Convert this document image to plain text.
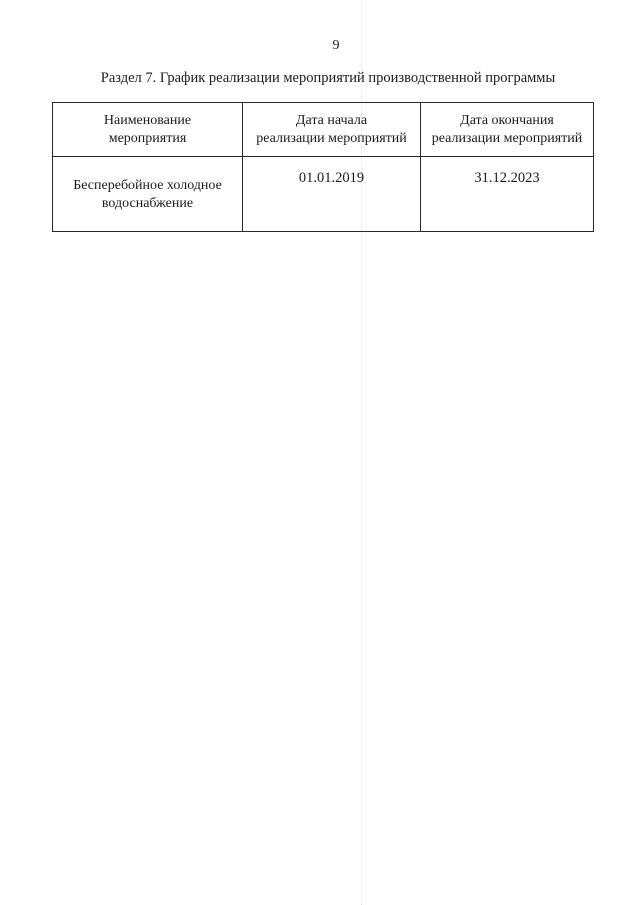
9
Раздел 7. График реализации мероприятий производственной программы
Наименование
мероприятия
Дата начала
реализации мероприятий
Дата окончания
реализации мероприятий
Бесперебойное холодное
водоснабжение
01.01.2019	31.12.2023
